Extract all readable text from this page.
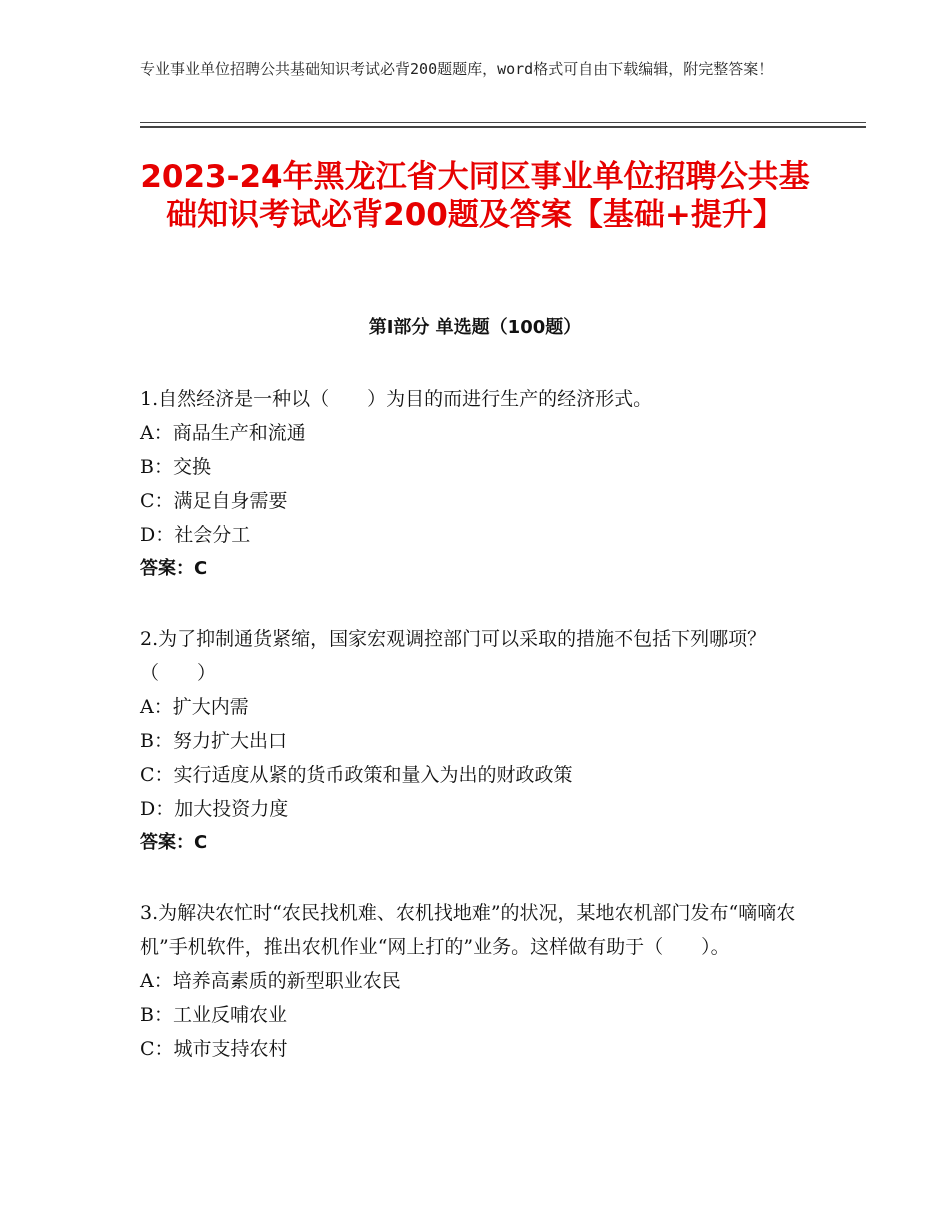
专业事业单位招聘公共基础知识考试必背200题题库，word格式可自由下载编辑，附完整答案！
2023-24年黑龙江省大同区事业单位招聘公共基础知识考试必背200题及答案【基础+提升】
第I部分 单选题（100题）
1.自然经济是一种以（　　）为目的而进行生产的经济形式。
A：商品生产和流通
B：交换
C：满足自身需要
D：社会分工
答案：C
2.为了抑制通货紧缩，国家宏观调控部门可以采取的措施不包括下列哪项？（　　）
A：扩大内需
B：努力扩大出口
C：实行适度从紧的货币政策和量入为出的财政政策
D：加大投资力度
答案：C
3.为解决农忙时“农民找机难、农机找地难”的状况，某地农机部门发布“嘀嘀农机”手机软件，推出农机作业“网上打的”业务。这样做有助于（　　）。
A：培养高素质的新型职业农民
B：工业反哺农业
C：城市支持农村
